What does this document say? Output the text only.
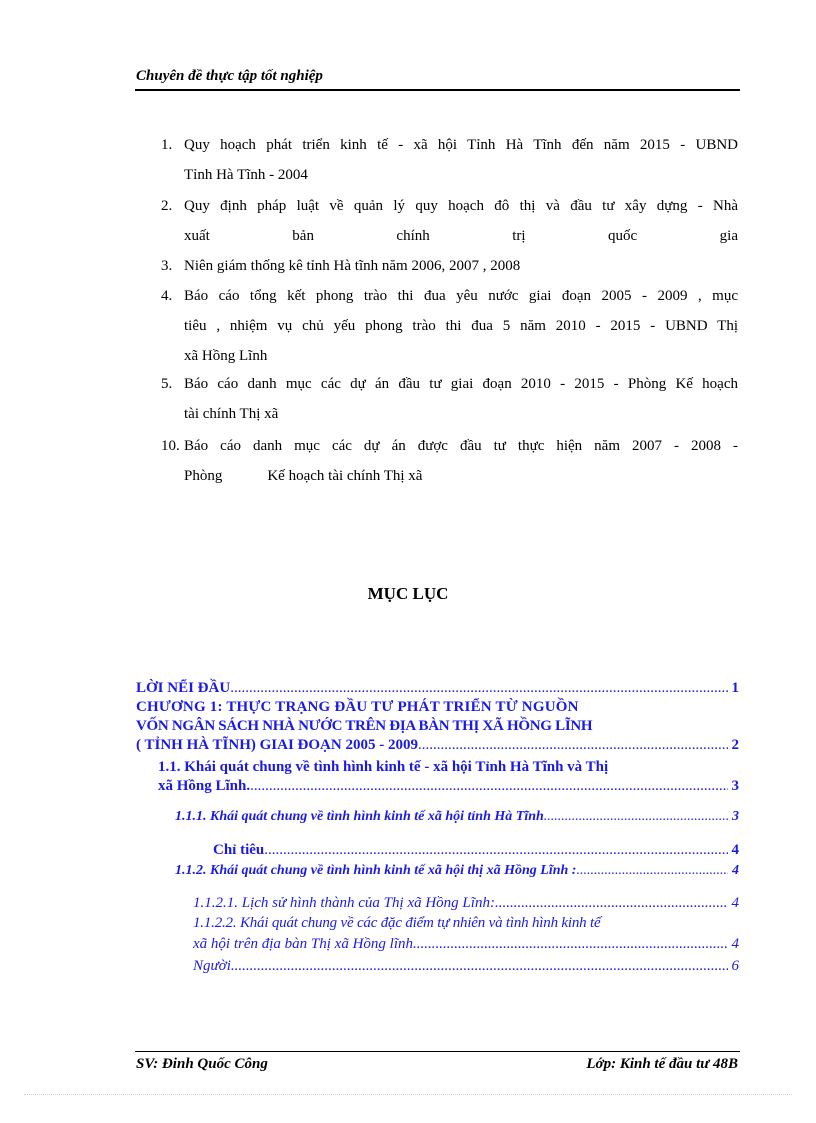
Chuyên đề thực tập tốt nghiệp
1. Quy hoạch phát triển kinh tế - xã hội Tỉnh Hà Tĩnh đến năm 2015 - UBND
Tỉnh Hà Tĩnh - 2004
2. Quy định pháp luật về quản lý quy hoạch đô thị và đầu tư xây dựng - Nhà
xuất bản chính trị quốc gia
3. Niên giám thống kê tỉnh Hà tĩnh năm 2006, 2007 , 2008
4. Báo cáo tổng kết phong trào thi đua yêu nước giai đoạn 2005 - 2009 , mục
tiêu , nhiệm vụ chủ yếu phong trào thi đua 5 năm 2010 - 2015 - UBND Thị
xã Hồng Lĩnh
5. Báo cáo danh mục các dự án đầu tư giai đoạn 2010 - 2015 - Phòng Kế hoạch
tài chính Thị xã
10. Báo cáo danh mục các dự án được đầu tư thực hiện năm 2007 - 2008 -
Phòng            Kế hoạch tài chính Thị xã
MỤC LỤC
LỜI NỂI ĐẦU .....	1
CHƯƠNG 1: THỰC TRẠNG ĐẦU TƯ PHÁT TRIỂN TỪ NGUỒN
VỐN NGÂN SÁCH NHÀ NƯỚC TRÊN ĐỊA BÀN THỊ XÃ HỒNG LĨNH
( TỈNH HÀ TĨNH) GIAI ĐOẠN 2005 - 2009 .....	2
1.1. Khái quát chung về tình hình kinh tế - xã hội Tỉnh Hà Tĩnh và Thị
xã Hồng Lĩnh. .....	3
1.1.1. Khái quát chung về tình hình kinh tế xã hội tỉnh Hà Tĩnh .....	3
Chỉ tiêu .....	4
1.1.2. Khái quát chung về tình hình kinh tế xã hội thị xã Hồng Lĩnh : .....	4
1.1.2.1. Lịch sử hình thành của Thị xã Hồng Lĩnh: .....	4
1.1.2.2. Khái quát chung về các đặc điểm tự nhiên và tình hình kinh tế
xã hội trên địa bàn Thị xã Hồng lĩnh .....	4
Người .....	6
SV: Đinh Quốc Công	Lớp: Kinh tế đầu tư 48B
